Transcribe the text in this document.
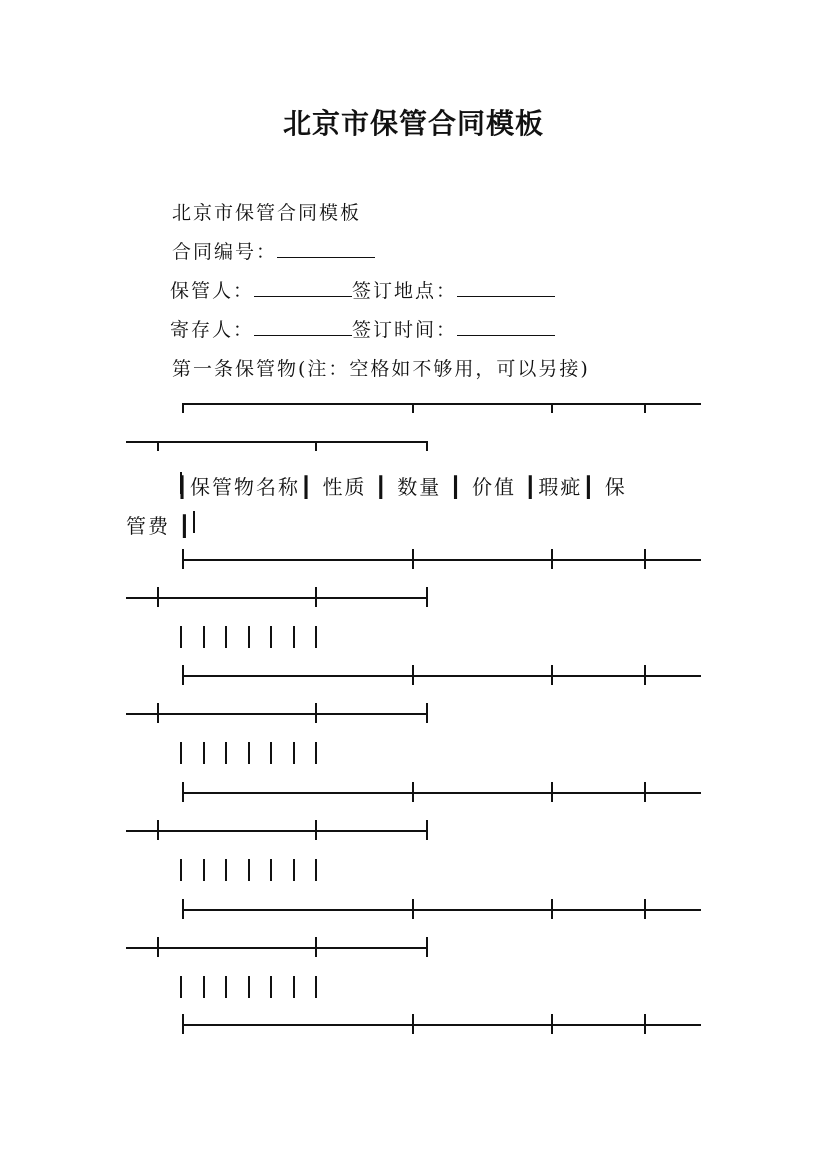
北京市保管合同模板
北京市保管合同模板
合同编号：
保管人：	签订地点：
寄存人：	签订时间：
第一条保管物(注：空格如不够用，可以另接)
┃保管物名称┃ 性质 ┃ 数量 ┃ 价值 ┃瑕疵┃ 保
管费 ┃
